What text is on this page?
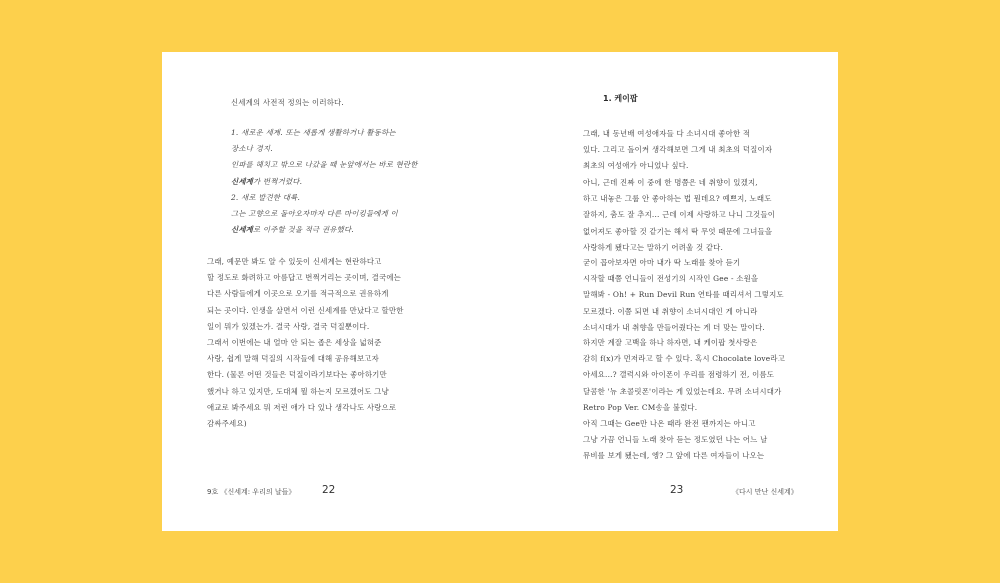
신세계의 사전적 정의는 이러하다.

1. 새로운 세계. 또는 새롭게 생활하거나 활동하는
장소나 경지.
인파를 헤치고 밖으로 나갔을 때 눈앞에서는 바로 현란한
신세계가 번쩍거렸다.
2. 새로 발견한 대륙.
그는 고향으로 돌아오자마자 다른 마이킹들에게 이
신세계로 이주할 것을 적극 권유했다.

그래, 예문만 봐도 알 수 있듯이 신세계는 현란하다고
할 정도로 화려하고 아름답고 번쩍거리는 곳이며, 결국에는
다른 사람들에게 이곳으로 오기를 적극적으로 권유하게
되는 곳이다. 인생을 살면서 이런 신세계를 만났다고 할만한
일이 뭐가 있겠는가. 결국 사랑, 결국 덕질뿐이다.

그래서 이번에는 내 얼마 안 되는 좁은 세상을 넓혀준
사랑, 쉽게 말해 덕질의 시작들에 대해 공유해보고자
한다. (물론 어떤 것들은 덕질이라기보다는 좋아하기만
했거나 하고 있지만, 도대체 뭘 하는지 모르겠어도 그냥
애교로 봐주세요 뭐 저런 애가 다 있나 생각나도 사랑으로
감싸주세요)

9호 《신세계: 우리의 날들》	22

1. 케이팝

그래, 내 동년배 여성애자들 다 소녀시대 좋아한 적
있다. 그리고 돌이켜 생각해보면 그게 내 최초의 덕질이자
최초의 여성애가 아니었나 싶다.

아니, 근데 진짜 이 중에 한 명쯤은 네 취향이 있겠지,
하고 내놓은 그룹 안 좋아하는 법 뭔데요? 예쁘지, 노래도
잘하지, 춤도 잘 추지... 근데 이제 사랑하고 나니 그것들이
없어져도 좋아할 것 같기는 해서 딱 무엇 때문에 그녀들을
사랑하게 됐다고는 말하기 어려울 것 같다.

굳이 꼽아보자면 아마 내가 딱 노래를 찾아 듣기
시작할 때쯤 언니들이 전성기의 시작인 Gee - 소원을
말해봐 - Oh! + Run Devil Run 연타를 때리셔서 그렇지도
모르겠다. 이쯤 되면 내 취향이 소녀시대인 게 아니라
소녀시대가 내 취향을 만들어줬다는 게 더 맞는 말이다.

하지만 계잘 고백을 하나 하자면, 내 케이팝 첫사랑은
감히 f(x)가 먼저라고 할 수 있다. 혹시 Chocolate love라고
아세요...? 갤럭시와 아이폰이 우리를 점령하기 전, 이름도
달콤한 '뉴 초콜릿폰'이라는 게 있었는데요. 무려 소녀시대가
Retro Pop Ver. CM송을 불렀다.

아직 그때는 Gee만 나온 때라 완전 팬까지는 아니고
그냥 가끔 언니들 노래 찾아 듣는 정도였던 나는 어느 날
뮤비를 보게 됐는데, 엥? 그 앞에 다른 여자들이 나오는

23	《다시 만난 신세계》
